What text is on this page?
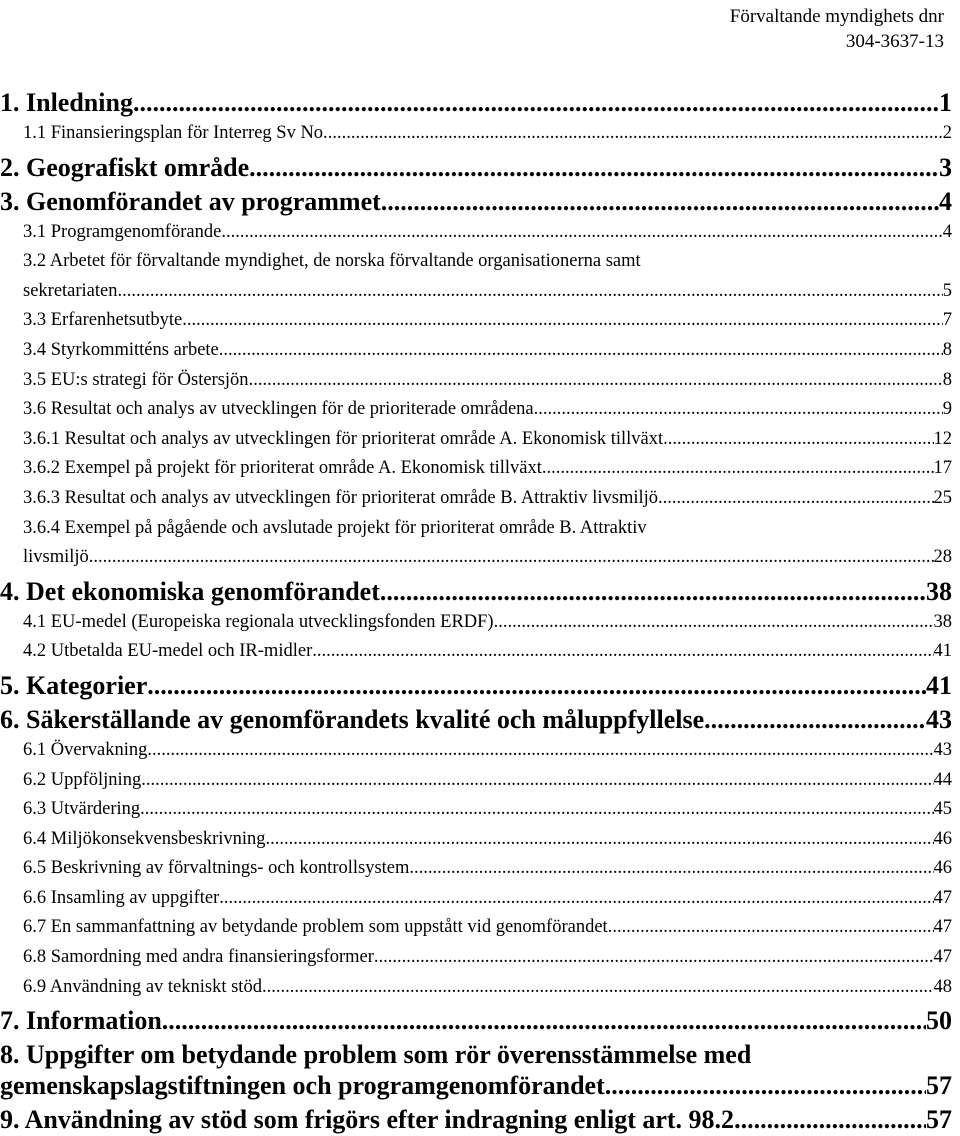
Förvaltande myndighets dnr
304-3637-13
1. Inledning .....	1
1.1 Finansieringsplan för Interreg Sv No. .....	2
2. Geografiskt område .....	3
3. Genomförandet av programmet .....	4
3.1 Programgenomförande .....	4
3.2 Arbetet för förvaltande myndighet, de norska förvaltande organisationerna samt
sekretariaten .....	5
3.3 Erfarenhetsutbyte .....	7
3.4 Styrkommitténs arbete .....	8
3.5 EU:s strategi för Östersjön .....	8
3.6 Resultat och analys av utvecklingen för de prioriterade områdena .....	9
3.6.1 Resultat och analys av utvecklingen för prioriterat område A. Ekonomisk tillväxt .....	12
3.6.2 Exempel på projekt för prioriterat område A. Ekonomisk tillväxt .....	17
3.6.3 Resultat och analys av utvecklingen för prioriterat område B. Attraktiv livsmiljö .....	25
3.6.4 Exempel på pågående och avslutade projekt för prioriterat område B. Attraktiv
livsmiljö .....	28
4. Det ekonomiska genomförandet .....	38
4.1 EU-medel (Europeiska regionala utvecklingsfonden ERDF) .....	38
4.2 Utbetalda EU-medel och IR-midler .....	41
5. Kategorier .....	41
6. Säkerställande av genomförandets kvalité och måluppfyllelse .....	43
6.1 Övervakning .....	43
6.2 Uppföljning .....	44
6.3 Utvärdering .....	45
6.4 Miljökonsekvensbeskrivning .....	46
6.5 Beskrivning av förvaltnings- och kontrollsystem .....	46
6.6 Insamling av uppgifter .....	47
6.7 En sammanfattning av betydande problem som uppstått vid genomförandet .....	47
6.8 Samordning med andra finansieringsformer .....	47
6.9 Användning av tekniskt stöd .....	48
7. Information .....	50
8. Uppgifter om betydande problem som rör överensstämmelse med
gemenskapslagstiftningen och programgenomförandet .....	57
9. Användning av stöd som frigörs efter indragning enligt art. 98.2 .....	57
